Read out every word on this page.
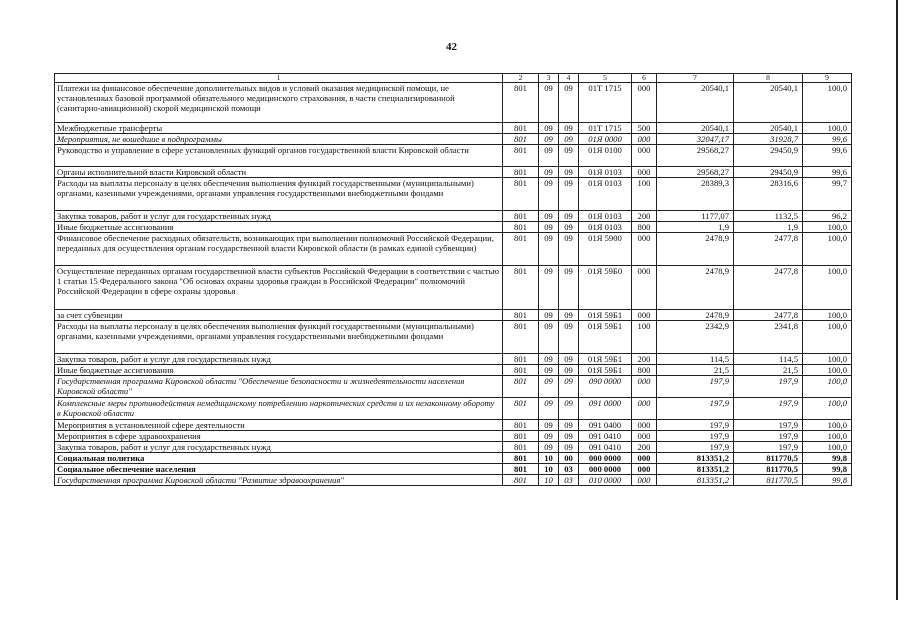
42
1	2	3	4	5	6	7	8	9
Платежи на финансовое обеспечение дополнительных видов и условий оказания медицинской помощи, не установленных базовой программой обязательного медицинского страхования, в части специализированной (санитарно-авиационной) скорой медицинской помощи	801	09	09	01Т 1715	000	20540,1	20540,1	100,0
Межбюджетные трансферты	801	09	09	01Т 1715	500	20540,1	20540,1	100,0
Мероприятия, не вошедшие в подпрограммы	801	09	09	01Я 0000	000	32047,17	31928,7	99,6
Руководство и управление в сфере установленных функций органов государственной власти Кировской области	801	09	09	01Я 0100	000	29568,27	29450,9	99,6
Органы исполнительной власти Кировской области	801	09	09	01Я 0103	000	29568,27	29450,9	99,6
Расходы на выплаты персоналу в целях обеспечения выполнения функций государственными (муниципальными) органами, казенными учреждениями, органами управления государственными внебюджетными фондами	801	09	09	01Я 0103	100	28389,3	28316,6	99,7
Закупка товаров, работ и услуг для государственных нужд	801	09	09	01Я 0103	200	1177,07	1132,5	96,2
Иные бюджетные ассигнования	801	09	09	01Я 0103	800	1,9	1,9	100,0
Финансовое обеспечение расходных обязательств, возникающих при выполнении полномочий Российской Федерации, переданных для осуществления органам государственной власти Кировской области (в рамках единой субвенции)	801	09	09	01Я 5900	000	2478,9	2477,8	100,0
Осуществление переданных органам государственной власти субъектов Российской Федерации в соответствии с частью 1 статьи 15 Федерального закона "Об основах охраны здоровья граждан в Российской Федерации" полномочий Российской Федерации в сфере охраны здоровья	801	09	09	01Я 59Б0	000	2478,9	2477,8	100,0
за счет субвенции	801	09	09	01Я 59Б1	000	2478,9	2477,8	100,0
Расходы на выплаты персоналу в целях обеспечения выполнения функций государственными (муниципальными) органами, казенными учреждениями, органами управления государственными внебюджетными фондами	801	09	09	01Я 59Б1	100	2342,9	2341,8	100,0
Закупка товаров, работ и услуг для государственных нужд	801	09	09	01Я 59Б1	200	114,5	114,5	100,0
Иные бюджетные ассигнования	801	09	09	01Я 59Б1	800	21,5	21,5	100,0
Государственная программа Кировской области "Обеспечение безопасности и жизнедеятельности населения Кировской области"	801	09	09	090 0000	000	197,9	197,9	100,0
Комплексные меры противодействия немедицинскому потреблению наркотических средств и их незаконному обороту в Кировской области	801	09	09	091 0000	000	197,9	197,9	100,0
Мероприятия в установленной сфере деятельности	801	09	09	091 0400	000	197,9	197,9	100,0
Мероприятия в сфере здравоохранения	801	09	09	091 0410	000	197,9	197,9	100,0
Закупка товаров, работ и услуг для государственных нужд	801	09	09	091 0410	200	197,9	197,9	100,0
Социальная политика	801	10	00	000 0000	000	813351,2	811770,5	99,8
Социальное обеспечение населения	801	10	03	000 0000	000	813351,2	811770,5	99,8
Государственная программа Кировской области "Развитие здравоохранения"	801	10	03	010 0000	000	813351,2	811770,5	99,8
